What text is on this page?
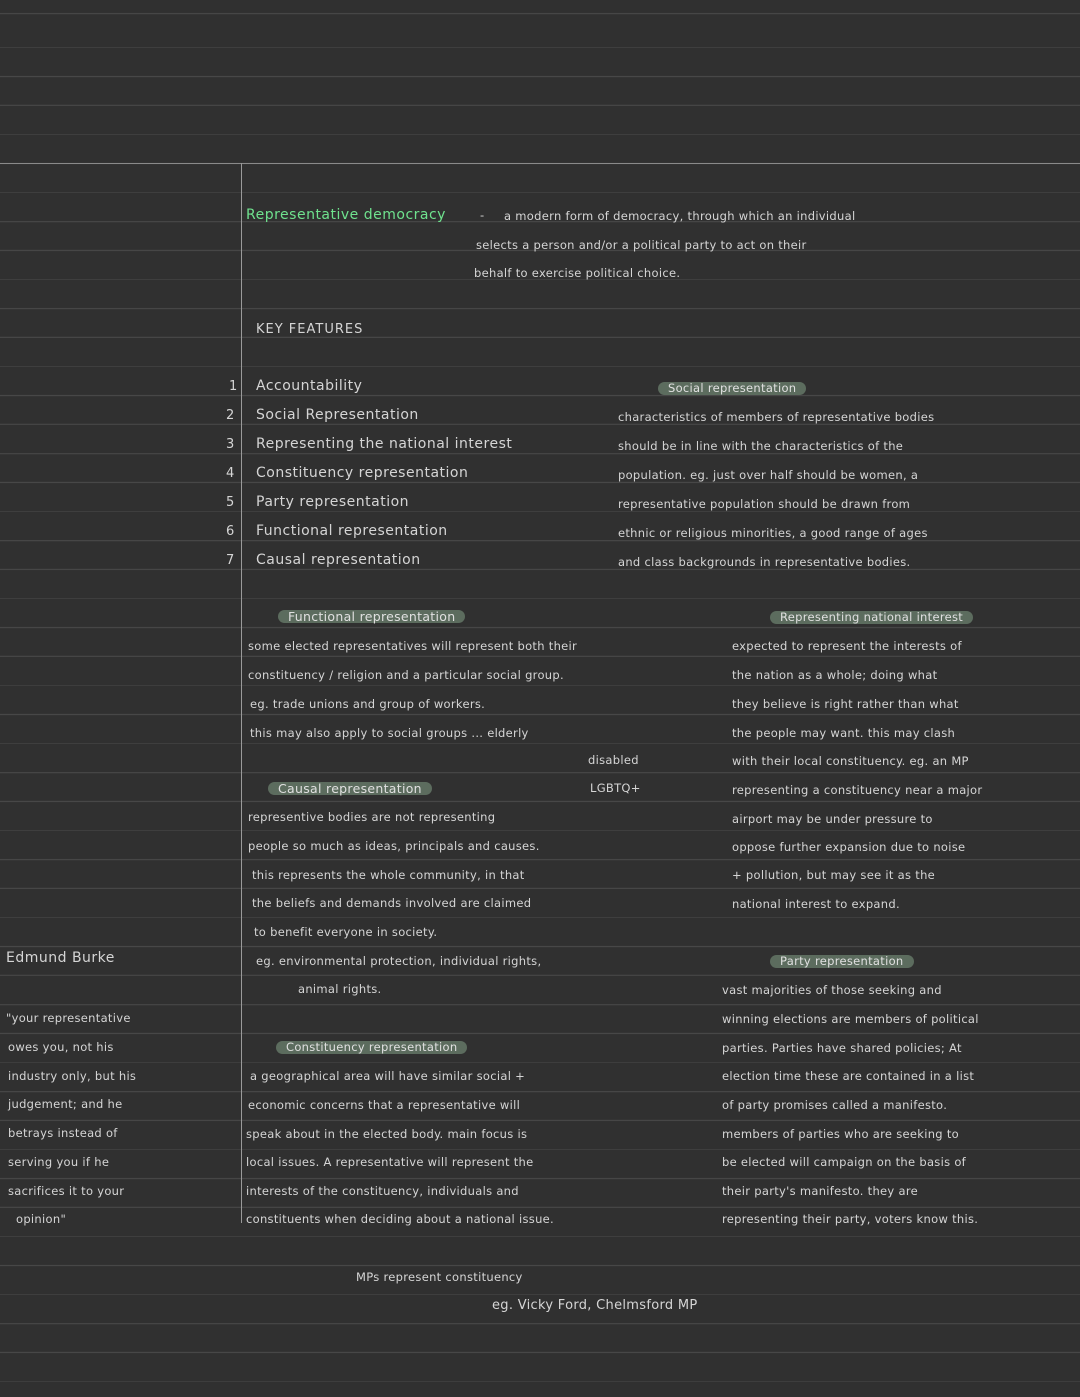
Representative democracy	- a modern form of democracy, through which an individual
selects a person and/or a political party to act on their
behalf to exercise political choice.
KEY FEATURES
1 Accountability
2 Social Representation
3 Representing the national interest
4 Constituency representation
5 Party representation
6 Functional representation
7 Causal representation
Social representation
characteristics of members of representative bodies
should be in line with the characteristics of the
population. eg. just over half should be women, a
representative population should be drawn from
ethnic or religious minorities, a good range of ages
and class backgrounds in representative bodies.
Functional representation
some elected representatives will represent both their
constituency / religion and a particular social group.
eg. trade unions and group of workers.
this may also apply to social groups ... elderly
disabled
LGBTQ+
Representing national interest
expected to represent the interests of
the nation as a whole; doing what
they believe is right rather than what
the people may want. this may clash
with their local constituency. eg. an MP
representing a constituency near a major
airport may be under pressure to
oppose further expansion due to noise
+ pollution, but may see it as the
national interest to expand.
Causal representation
representive bodies are not representing
people so much as ideas, principals and causes.
this represents the whole community, in that
the beliefs and demands involved are claimed
to benefit everyone in society.
eg. environmental protection, individual rights,
animal rights.
Edmund Burke
"your representative
owes you, not his
industry only, but his
judgement; and he
betrays instead of
serving you if he
sacrifices it to your
opinion"
Party representation
vast majorities of those seeking and
winning elections are members of political
parties. Parties have shared policies; At
election time these are contained in a list
of party promises called a manifesto.
members of parties who are seeking to
be elected will campaign on the basis of
their party's manifesto. they are
representing their party, voters know this.
Constituency representation
a geographical area will have similar social +
economic concerns that a representative will
speak about in the elected body. main focus is
local issues. A representative will represent the
interests of the constituency, individuals and
constituents when deciding about a national issue.
MPs represent constituency
eg. Vicky Ford, Chelmsford MP
